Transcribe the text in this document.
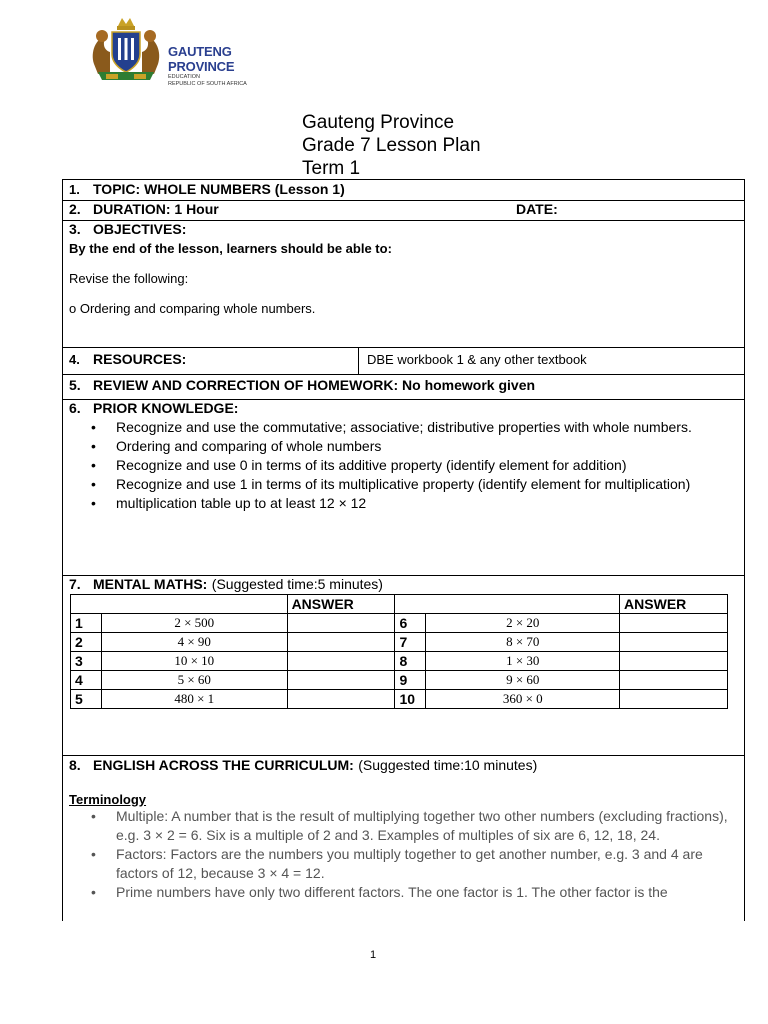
GAUTENG PROVINCE
EDUCATION
REPUBLIC OF SOUTH AFRICA
Gauteng Province
Grade 7 Lesson Plan
Term 1
1. TOPIC: WHOLE NUMBERS (Lesson 1)
2. DURATION: 1 Hour	DATE:
3. OBJECTIVES:
By the end of the lesson, learners should be able to:
Revise the following:
o Ordering and comparing whole numbers.
4. RESOURCES:	DBE workbook 1 & any other textbook
5. REVIEW AND CORRECTION OF HOMEWORK: No homework given
6. PRIOR KNOWLEDGE:
• Recognize and use the commutative; associative; distributive properties with whole numbers.
• Ordering and comparing of whole numbers
• Recognize and use 0 in terms of its additive property (identify element for addition)
• Recognize and use 1 in terms of its multiplicative property (identify element for multiplication)
• multiplication table up to at least 12 × 12
7. MENTAL MATHS: (Suggested time:5 minutes)
		ANSWER			ANSWER
1	2 × 500		6	2 × 20	
2	4 × 90		7	8 × 70	
3	10 × 10		8	1 × 30	
4	5 × 60		9	9 × 60	
5	480 × 1		10	360 × 0	
8. ENGLISH ACROSS THE CURRICULUM: (Suggested time:10 minutes)
Terminology
• Multiple: A number that is the result of multiplying together two other numbers (excluding fractions), e.g. 3 × 2 = 6. Six is a multiple of 2 and 3. Examples of multiples of six are 6, 12, 18, 24.
• Factors: Factors are the numbers you multiply together to get another number, e.g. 3 and 4 are factors of 12, because 3 × 4 = 12.
• Prime numbers have only two different factors. The one factor is 1. The other factor is the
1
